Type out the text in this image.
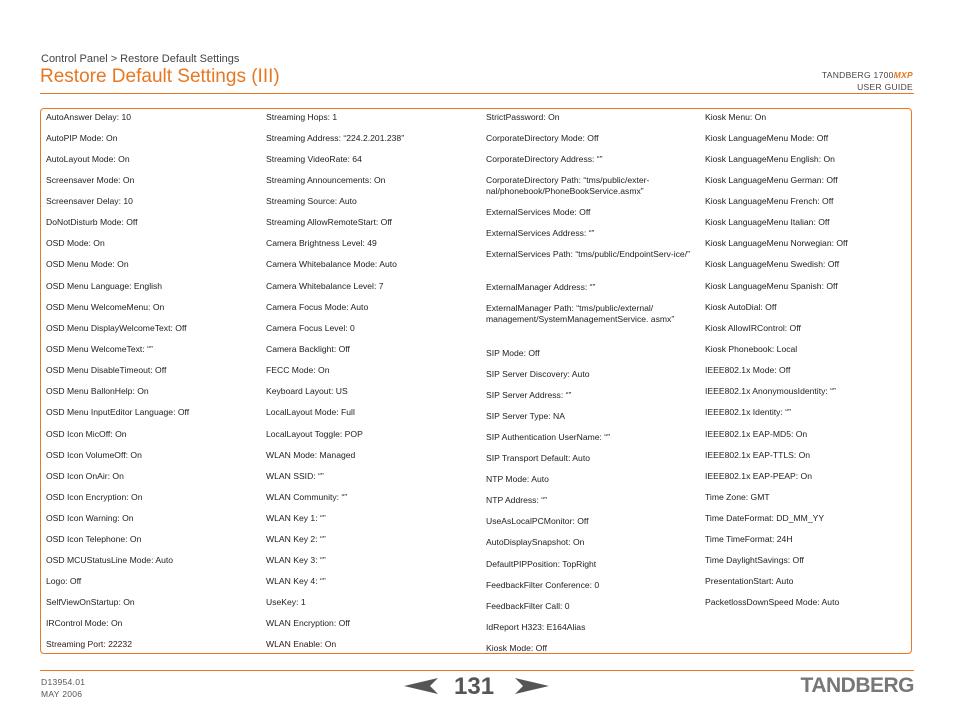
Control Panel > Restore Default Settings
Restore Default Settings (III)	TANDBERG 1700MXP
USER GUIDE
AutoAnswer Delay: 10
AutoPIP Mode: On
AutoLayout Mode: On
Screensaver Mode: On
Screensaver Delay: 10
DoNotDisturb Mode: Off
OSD Mode: On
OSD Menu Mode: On
OSD Menu Language: English
OSD Menu WelcomeMenu: On
OSD Menu DisplayWelcomeText: Off
OSD Menu WelcomeText: “”
OSD Menu DisableTimeout: Off
OSD Menu BallonHelp: On
OSD Menu InputEditor Language: Off
OSD Icon MicOff: On
OSD Icon VolumeOff: On
OSD Icon OnAir: On
OSD Icon Encryption: On
OSD Icon Warning: On
OSD Icon Telephone: On
OSD MCUStatusLine Mode: Auto
Logo: Off
SelfViewOnStartup: On
IRControl Mode: On
Streaming Port: 22232
Streaming Hops: 1
Streaming Address: “224.2.201.238”
Streaming VideoRate: 64
Streaming Announcements: On
Streaming Source: Auto
Streaming AllowRemoteStart: Off
Camera Brightness Level: 49
Camera Whitebalance Mode: Auto
Camera Whitebalance Level: 7
Camera Focus Mode: Auto
Camera Focus Level: 0
Camera Backlight: Off
FECC Mode: On
Keyboard Layout: US
LocalLayout Mode: Full
LocalLayout Toggle: POP
WLAN Mode: Managed
WLAN SSID: “”
WLAN Community: “”
WLAN Key 1: “”
WLAN Key 2: “”
WLAN Key 3: “”
WLAN Key 4: “”
UseKey: 1
WLAN Encryption: Off
WLAN Enable: On
StrictPassword: On
CorporateDirectory Mode: Off
CorporateDirectory Address: “”
CorporateDirectory Path: “tms/public/exter-nal/phonebook/PhoneBookService.asmx”
ExternalServices Mode: Off
ExternalServices Address: “”
ExternalServices Path: “tms/public/EndpointServ-ice/”
ExternalManager Address: “”
ExternalManager Path: “tms/public/external/ management/SystemManagementService. asmx”
SIP Mode: Off
SIP Server Discovery: Auto
SIP Server Address: “”
SIP Server Type: NA
SIP Authentication UserName: “”
SIP Transport Default: Auto
NTP Mode: Auto
NTP Address: “”
UseAsLocalPCMonitor: Off
AutoDisplaySnapshot: On
DefaultPIPPosition: TopRight
FeedbackFilter Conference: 0
FeedbackFilter Call: 0
IdReport H323: E164Alias
Kiosk Mode: Off
Kiosk Menu: On
Kiosk LanguageMenu Mode: Off
Kiosk LanguageMenu English: On
Kiosk LanguageMenu German: Off
Kiosk LanguageMenu French: Off
Kiosk LanguageMenu Italian: Off
Kiosk LanguageMenu Norwegian: Off
Kiosk LanguageMenu Swedish: Off
Kiosk LanguageMenu Spanish: Off
Kiosk AutoDial: Off
Kiosk AllowIRControl: Off
Kiosk Phonebook: Local
IEEE802.1x Mode: Off
IEEE802.1x AnonymousIdentity: “”
IEEE802.1x Identity: “”
IEEE802.1x EAP-MD5: On
IEEE802.1x EAP-TTLS: On
IEEE802.1x EAP-PEAP: On
Time Zone: GMT
Time DateFormat: DD_MM_YY
Time TimeFormat: 24H
Time DaylightSavings: Off
PresentationStart: Auto
PacketlossDownSpeed Mode: Auto
D13954.01
MAY 2006	131	TANDBERG
